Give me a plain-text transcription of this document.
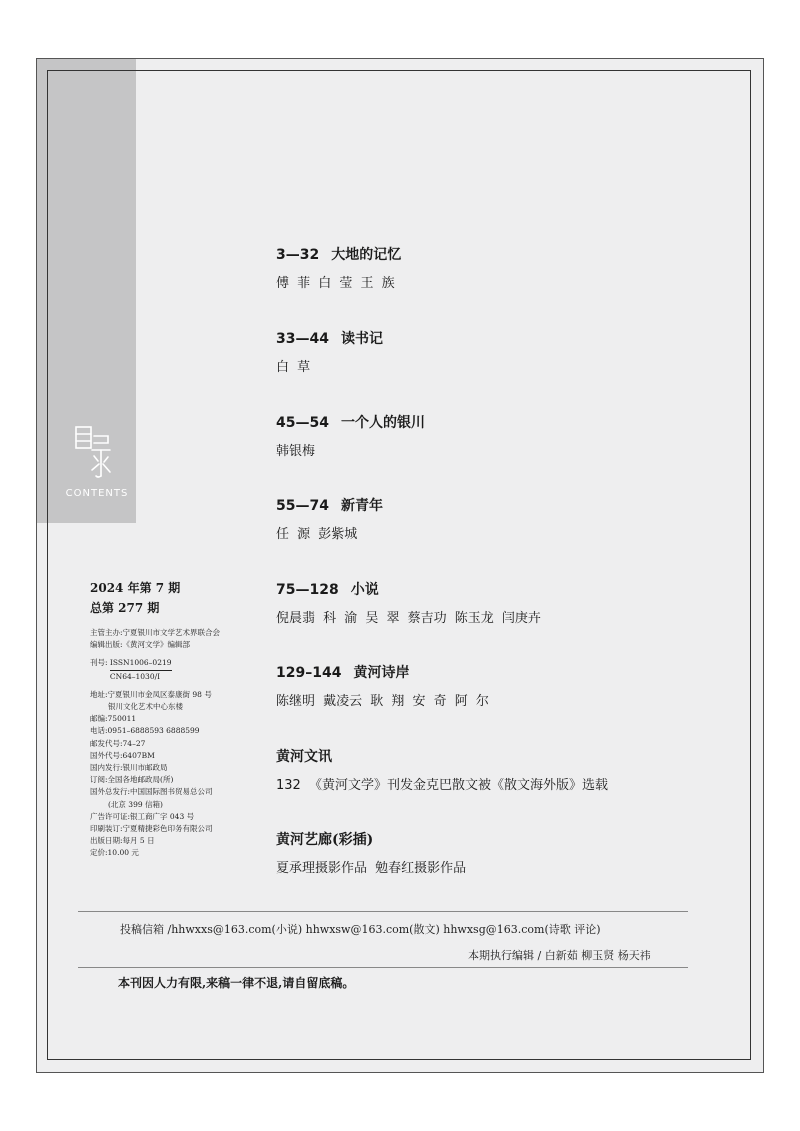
CONTENTS
3—32 大地的记忆
傅 菲 白 莹 王 族
33—44 读书记
白 草
45—54 一个人的银川
韩银梅
55—74 新青年
任 源 彭紫城
75—128 小说
倪晨翡 科 渝 吴 翠 蔡吉功 陈玉龙 闫庚卉
129–144 黄河诗岸
陈继明 戴凌云 耿 翔 安 奇 阿 尔
黄河文讯
132 《黄河文学》刊发金克巴散文被《散文海外版》选载
黄河艺廊(彩插)
夏承理摄影作品 勉春红摄影作品
2024 年第 7 期
总第 277 期
主管主办:宁夏银川市文学艺术界联合会
编辑出版:《黄河文学》编辑部
刊号: ISSN1006–0219
CN64–1030/I
地址:宁夏银川市金凤区泰康街 98 号
银川文化艺术中心东楼
邮编:750011
电话:0951–6888593 6888599
邮发代号:74–27
国外代号:6407BM
国内发行:银川市邮政局
订阅:全国各地邮政局(所)
国外总发行:中国国际图书贸易总公司
(北京 399 信箱)
广告许可证:银工商广字 043 号
印刷装订:宁夏精捷彩色印务有限公司
出版日期:每月 5 日
定价:10.00 元
投稿信箱 /hhwxxs@163.com(小说) hhwxsw@163.com(散文) hhwxsg@163.com(诗歌 评论)
本期执行编辑 / 白新茹 柳玉贤 杨天祎
本刊因人力有限,来稿一律不退,请自留底稿。
